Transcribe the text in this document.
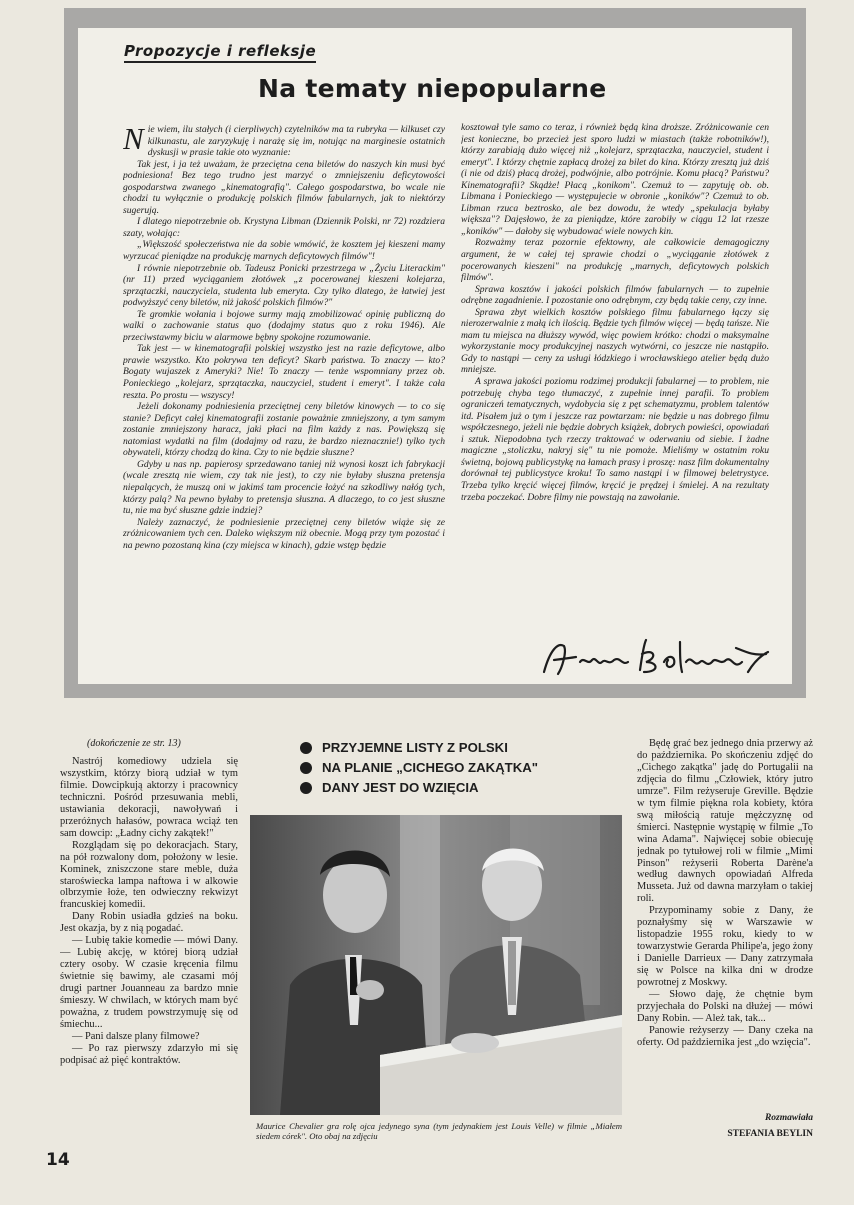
Propozycje i refleksje
Na tematy niepopularne

Nie wiem, ilu stałych (i cierpliwych) czytelników ma ta rubryka — kilkuset czy kilkunastu, ale zaryzykuję i narażę się im, notując na marginesie ostatnich dyskusji w prasie takie oto wyznanie:

Tak jest, i ja też uważam, że przeciętna cena biletów do naszych kin musi być podniesiona! Bez tego trudno jest marzyć o zmniejszeniu deficytowości gospodarstwa zwanego „kinematografią". Całego gospodarstwa, bo wcale nie chodzi tu wyłącznie o produkcję polskich filmów fabularnych, jak to niektórzy sugerują.

I dlatego niepotrzebnie ob. Krystyna Libman (Dziennik Polski, nr 72) rozdziera szaty, wołając:

„Większość społeczeństwa nie da sobie wmówić, że kosztem jej kieszeni mamy wyrzucać pieniądze na produkcję marnych deficytowych filmów"!

I równie niepotrzebnie ob. Tadeusz Ponicki przestrzega w „Życiu Literackim" (nr 11) przed wyciąganiem złotówek „z pocerowanej kieszeni kolejarza, sprzątaczki, nauczyciela, studenta lub emeryta. Czy tylko dlatego, że łatwiej jest podwyższyć ceny biletów, niż jakość polskich filmów?"

Te gromkie wołania i bojowe surmy mają zmobilizować opinię publiczną do walki o zachowanie status quo (dodajmy status quo z roku 1946). Ale przeciwstawmy biciu w alarmowe bębny spokojne rozumowanie.

Tak jest — w kinematografii polskiej wszystko jest na razie deficytowe, albo prawie wszystko. Kto pokrywa ten deficyt? Skarb państwa. To znaczy — kto? Bogaty wujaszek z Ameryki? Nie! To znaczy — tenże wspomniany przez ob. Ponieckiego „kolejarz, sprzątaczka, nauczyciel, student i emeryt". I także cała reszta. Po prostu — wszyscy!

Jeżeli dokonamy podniesienia przeciętnej ceny biletów kinowych — to co się stanie? Deficyt całej kinematografii zostanie poważnie zmniejszony, a tym samym zostanie zmniejszony haracz, jaki płaci na film każdy z nas. Powiększą się natomiast wydatki na film (dodajmy od razu, że bardzo nieznacznie!) tylko tych obywateli, którzy chodzą do kina. Czy to nie będzie słuszne?

Gdyby u nas np. papierosy sprzedawano taniej niż wynosi koszt ich fabrykacji (wcale zresztą nie wiem, czy tak nie jest), to czy nie byłaby słuszna pretensja niepalących, że muszą oni w jakimś tam procencie łożyć na szkodliwy nałóg tych, którzy palą? Na pewno byłaby to pretensja słuszna. A dlaczego, to co jest słuszne tu, nie ma być słuszne gdzie indziej?

Należy zaznaczyć, że podniesienie przeciętnej ceny biletów wiąże się ze zróżnicowaniem tych cen. Daleko większym niż obecnie. Mogą przy tym pozostać i na pewno pozostaną kina (czy miejsca w kinach), gdzie wstęp będzie

kosztował tyle samo co teraz, i również będą kina droższe. Zróżnicowanie cen jest konieczne, bo przecież jest sporo ludzi w miastach (także robotników!), którzy zarabiają dużo więcej niż „kolejarz, sprzątaczka, nauczyciel, student i emeryt". I którzy chętnie zapłacą drożej za bilet do kina. Którzy zresztą już dziś (i nie od dziś) płacą drożej, podwójnie, albo potrójnie. Komu płacą? Państwu? Kinematografii? Skądże! Płacą „konikom". Czemuż to — zapytuję ob. ob. Libmana i Ponieckiego — występujecie w obronie „koników"? Czemuż to ob. Libman rzuca beztrosko, ale bez dowodu, że wtedy „spekulacja byłaby większa"? Dajęsłowo, że za pieniądze, które zarobiły w ciągu 12 lat rzesze „koników" — dałoby się wybudować wiele nowych kin.

Rozważmy teraz pozornie efektowny, ale całkowicie demagogiczny argument, że w całej tej sprawie chodzi o „wyciąganie złotówek z pocerowanych kieszeni" na produkcję „marnych, deficytowych polskich filmów".

Sprawa kosztów i jakości polskich filmów fabularnych — to zupełnie odrębne zagadnienie. I pozostanie ono odrębnym, czy będą takie ceny, czy inne.

Sprawa zbyt wielkich kosztów polskiego filmu fabularnego łączy się nierozerwalnie z małą ich ilością. Będzie tych filmów więcej — będą tańsze. Nie mam tu miejsca na dłuższy wywód, więc powiem krótko: chodzi o maksymalne wykorzystanie mocy produkcyjnej naszych wytwórni, co jeszcze nie nastąpiło. Gdy to nastąpi — ceny za usługi łódzkiego i wrocławskiego atelier będą dużo mniejsze.

A sprawa jakości poziomu rodzimej produkcji fabularnej — to problem, nie potrzebuję chyba tego tłumaczyć, z zupełnie innej parafii. To problem ograniczeń tematycznych, wydobycia się z pęt schematyzmu, problem talentów itd. Pisałem już o tym i jeszcze raz powtarzam: nie będzie u nas dobrego filmu współczesnego, jeżeli nie będzie dobrych książek, dobrych powieści, opowiadań i sztuk. Niepodobna tych rzeczy traktować w oderwaniu od siebie. I żadne magiczne „stoliczku, nakryj się" tu nie pomoże. Mieliśmy w ostatnim roku świetną, bojową publicystykę na łamach prasy i proszę: nasz film dokumentalny dorównał tej publicystyce kroku! To samo nastąpi i w filmowej beletrystyce. Trzeba tylko kręcić więcej filmów, kręcić je prędzej i śmielej. A na rezultaty trzeba poczekać. Dobre filmy nie powstają na zawołanie.

(dokończenie ze str. 13)

Nastrój komediowy udziela się wszystkim, którzy biorą udział w tym filmie. Dowcipkują aktorzy i pracownicy techniczni. Pośród przesuwania mebli, ustawiania dekoracji, nawoływań i przeróżnych hałasów, powraca wciąż ten sam dowcip: „Ładny cichy zakątek!"

Rozglądam się po dekoracjach. Stary, na pół rozwalony dom, położony w lesie. Kominek, zniszczone stare meble, duża staroświecka lampa naftowa i w alkowie olbrzymie łoże, ten odwieczny rekwizyt francuskiej komedii.

Dany Robin usiadła gdzieś na boku. Jest okazja, by z nią pogadać.

— Lubię takie komedie — mówi Dany. — Lubię akcję, w której biorą udział cztery osoby. W czasie kręcenia filmu świetnie się bawimy, ale czasami mój drugi partner Jouanneau za bardzo mnie śmieszy. W chwilach, w których mam być poważna, z trudem powstrzymuję się od śmiechu...

— Pani dalsze plany filmowe?

— Po raz pierwszy zdarzyło mi się podpisać aż pięć kontraktów.

PRZYJEMNE LISTY Z POLSKI
NA PLANIE „CICHEGO ZAKĄTKA"
DANY JEST DO WZIĘCIA
Maurice Chevalier gra rolę ojca jedynego syna (tym jedynakiem jest Louis Velle) w filmie „Miałem siedem córek". Oto obaj na zdjęciu

Będę grać bez jednego dnia przerwy aż do października. Po skończeniu zdjęć do „Cichego zakątka" jadę do Portugalii na zdjęcia do filmu „Człowiek, który jutro umrze". Film reżyseruje Greville. Będzie w tym filmie piękna rola kobiety, która swą miłością ratuje mężczyznę od śmierci. Następnie wystąpię w filmie „To wina Adama". Najwięcej sobie obiecuję jednak po tytułowej roli w filmie „Mimi Pinson" reżyserii Roberta Darène'a według dawnych opowiadań Alfreda Musseta. Już od dawna marzyłam o takiej roli.

Przypominamy sobie z Dany, że poznałyśmy się w Warszawie w listopadzie 1955 roku, kiedy to w towarzystwie Gerarda Philipe'a, jego żony i Danielle Darrieux — Dany zatrzymała się w Polsce na kilka dni w drodze powrotnej z Moskwy.

— Słowo daję, że chętnie bym przyjechała do Polski na dłużej — mówi Dany Robin. — Ależ tak, tak...

Panowie reżyserzy — Dany czeka na oferty. Od października jest „do wzięcia".

Rozmawiała
STEFANIA BEYLIN
14
